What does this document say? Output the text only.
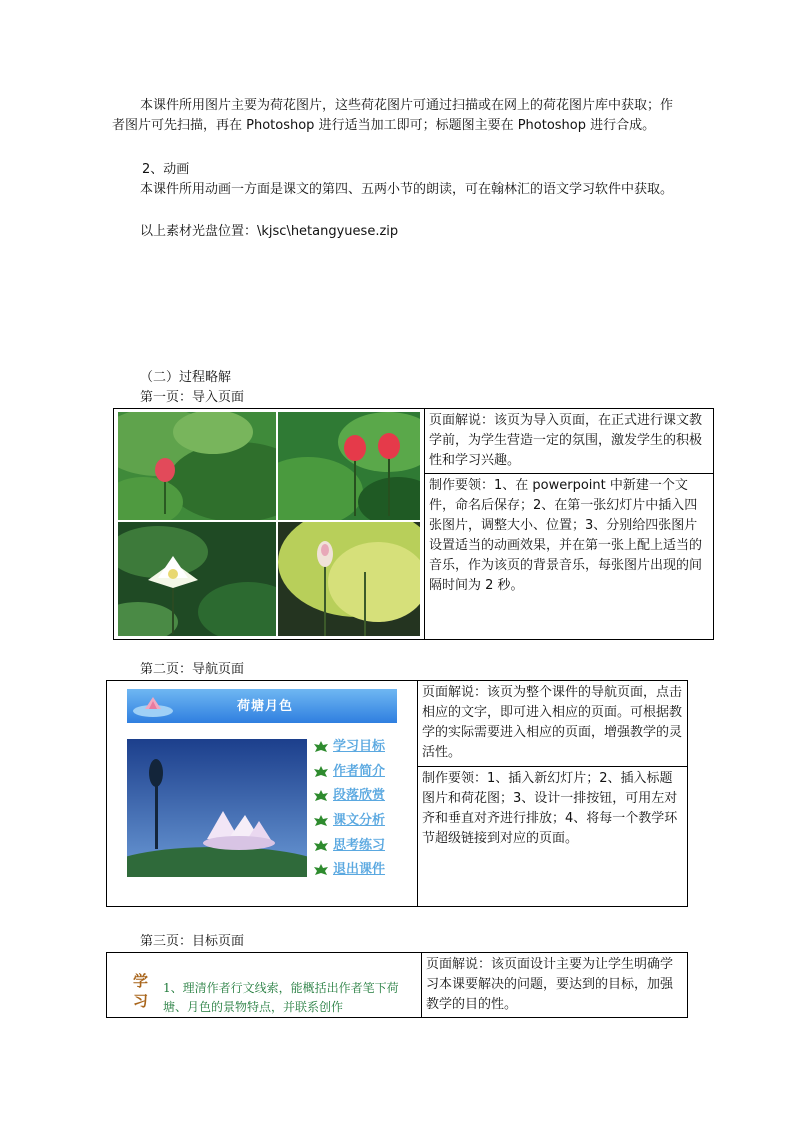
本课件所用图片主要为荷花图片，这些荷花图片可通过扫描或在网上的荷花图片库中获取；作者图片可先扫描，再在 Photoshop 进行适当加工即可；标题图主要在 Photoshop 进行合成。
2、动画
本课件所用动画一方面是课文的第四、五两小节的朗读，可在翰林汇的语文学习软件中获取。
以上素材光盘位置：\kjsc\hetangyuese.zip
（二）过程略解
第一页：导入页面
	页面解说：该页为导入页面，在正式进行课文教学前，为学生营造一定的氛围，激发学生的积极性和学习兴趣。
制作要领：1、在 powerpoint 中新建一个文件，命名后保存；2、在第一张幻灯片中插入四张图片，调整大小、位置；3、分别给四张图片设置适当的动画效果，并在第一张上配上适当的音乐，作为该页的背景音乐，每张图片出现的间隔时间为 2 秒。
第二页：导航页面
荷塘月色
学习目标
作者简介
段落欣赏
课文分析
思考练习
退出课件
	页面解说：该页为整个课件的导航页面，点击相应的文字，即可进入相应的页面。可根据教学的实际需要进入相应的页面，增强教学的灵活性。
制作要领：1、插入新幻灯片；2、插入标题图片和荷花图；3、设计一排按钮，可用左对齐和垂直对齐进行排放；4、将每一个教学环节超级链接到对应的页面。
第三页：目标页面
学
习
1、理清作者行文线索，能概括出作者笔下荷塘、月色的景物特点，并联系创作
	页面解说：该页面设计主要为让学生明确学习本课要解决的问题，要达到的目标，加强教学的目的性。
